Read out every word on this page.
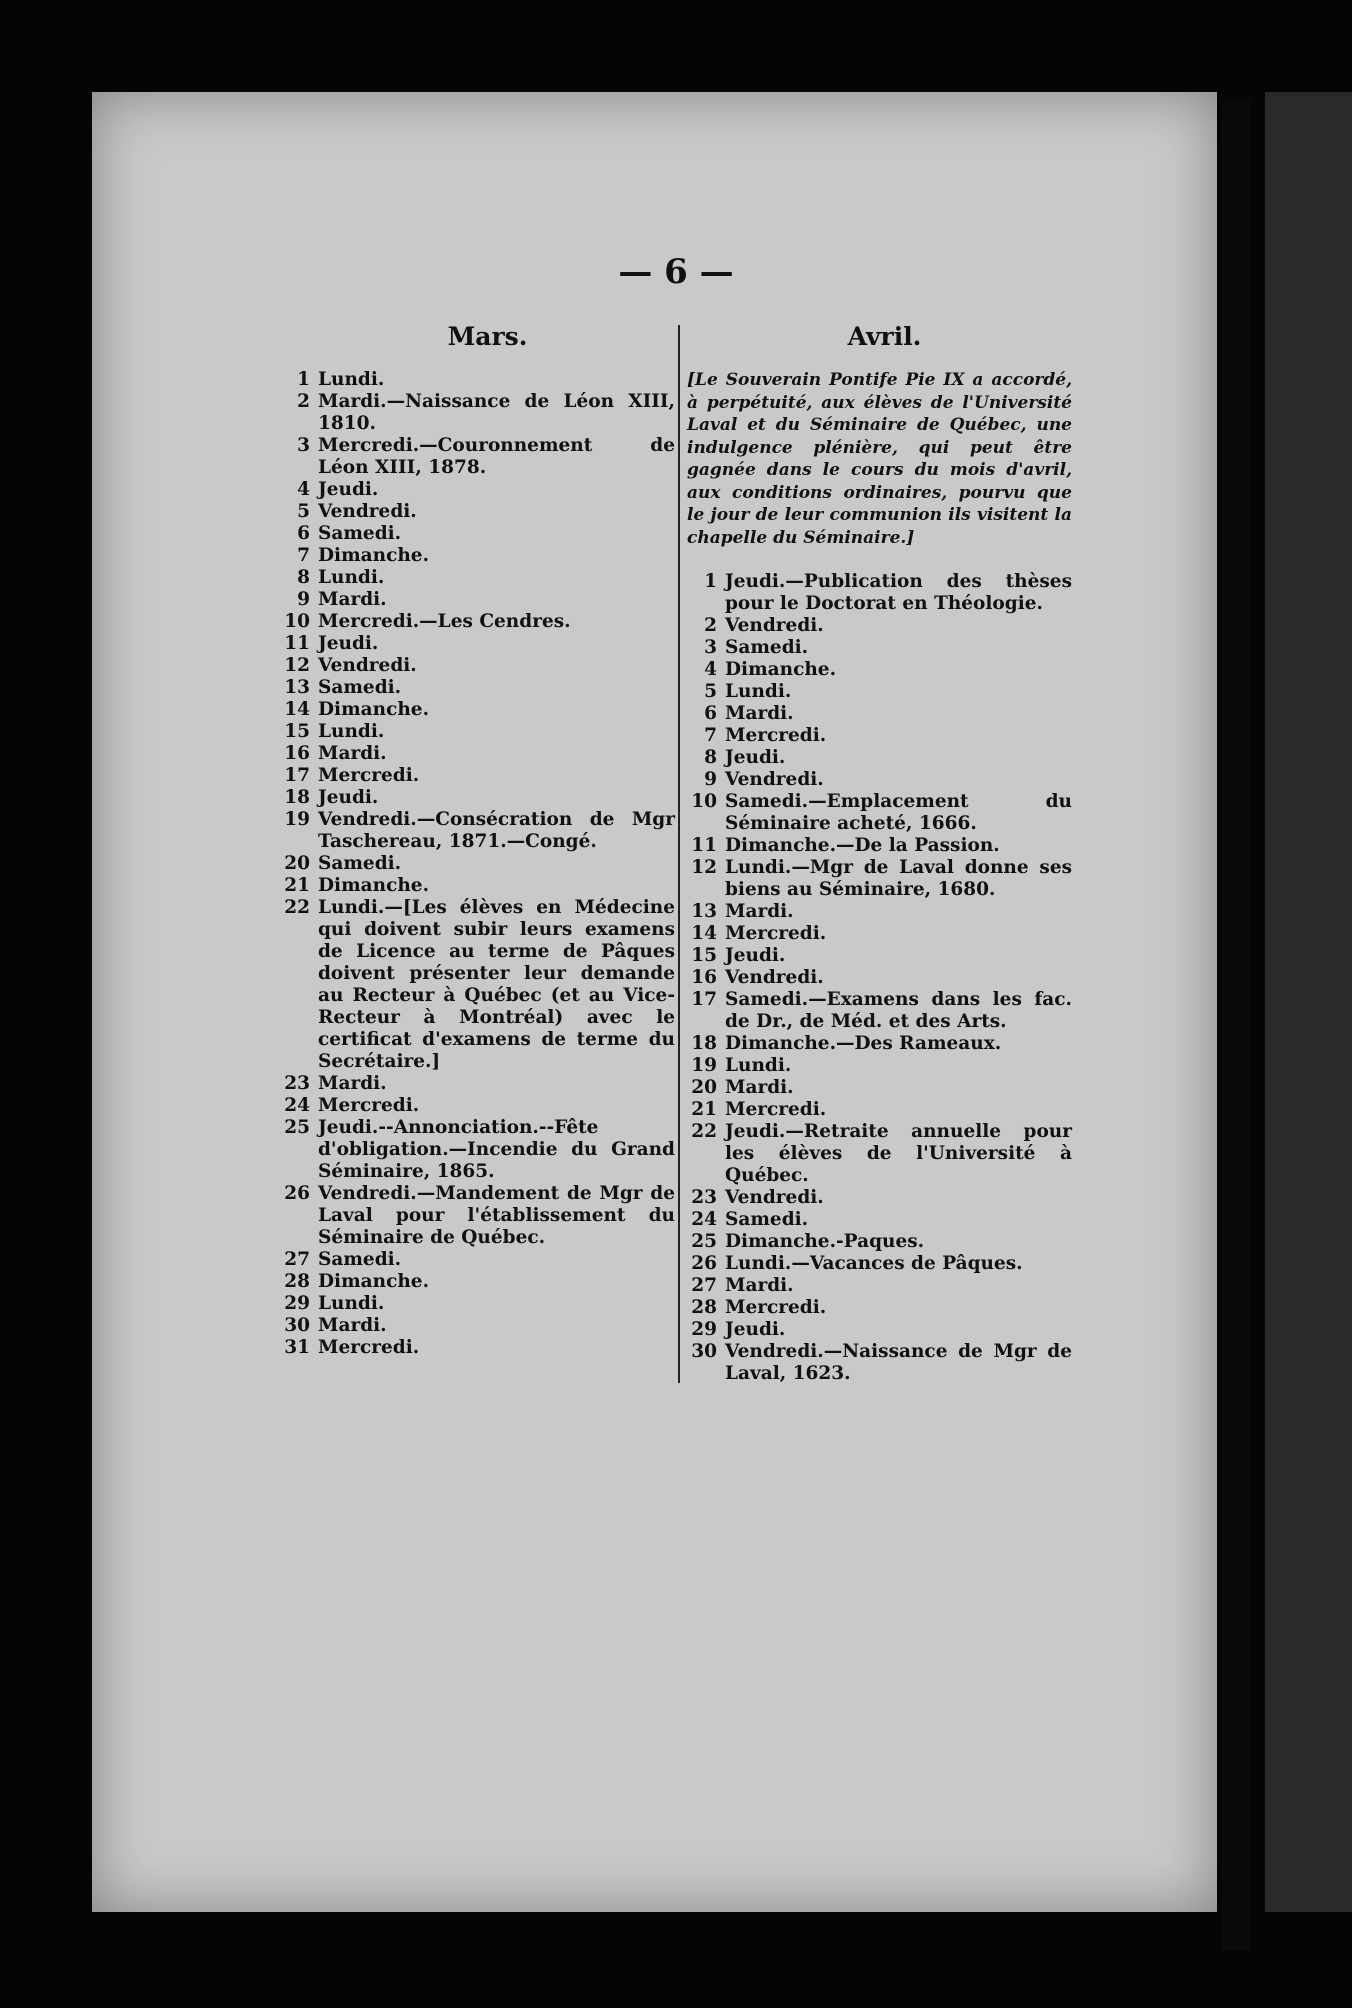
— 6 —
Mars.
1 Lundi.
2 Mardi.—Naissance de Léon XIII, 1810.
3 Mercredi.—Couronnement de Léon XIII, 1878.
4 Jeudi.
5 Vendredi.
6 Samedi.
7 Dimanche.
8 Lundi.
9 Mardi.
10 Mercredi.—Les Cendres.
11 Jeudi.
12 Vendredi.
13 Samedi.
14 Dimanche.
15 Lundi.
16 Mardi.
17 Mercredi.
18 Jeudi.
19 Vendredi.—Consécration de Mgr Taschereau, 1871.—Congé.
20 Samedi.
21 Dimanche.
22 Lundi.—[Les élèves en Médecine qui doivent subir leurs examens de Licence au terme de Pâques doivent présenter leur demande au Recteur à Québec (et au Vice-Recteur à Montréal) avec le certificat d'examens de terme du Secrétaire.]
23 Mardi.
24 Mercredi.
25 Jeudi.--Annonciation.--Fête d'obligation.—Incendie du Grand Séminaire, 1865.
26 Vendredi.—Mandement de Mgr de Laval pour l'établissement du Séminaire de Québec.
27 Samedi.
28 Dimanche.
29 Lundi.
30 Mardi.
31 Mercredi.
Avril.
[Le Souverain Pontife Pie IX a accordé, à perpétuité, aux élèves de l'Université Laval et du Séminaire de Québec, une indulgence plénière, qui peut être gagnée dans le cours du mois d'avril, aux conditions ordinaires, pourvu que le jour de leur communion ils visitent la chapelle du Séminaire.]
1 Jeudi.—Publication des thèses pour le Doctorat en Théologie.
2 Vendredi.
3 Samedi.
4 Dimanche.
5 Lundi.
6 Mardi.
7 Mercredi.
8 Jeudi.
9 Vendredi.
10 Samedi.—Emplacement du Séminaire acheté, 1666.
11 Dimanche.—De la Passion.
12 Lundi.—Mgr de Laval donne ses biens au Séminaire, 1680.
13 Mardi.
14 Mercredi.
15 Jeudi.
16 Vendredi.
17 Samedi.—Examens dans les fac. de Dr., de Méd. et des Arts.
18 Dimanche.—Des Rameaux.
19 Lundi.
20 Mardi.
21 Mercredi.
22 Jeudi.—Retraite annuelle pour les élèves de l'Université à Québec.
23 Vendredi.
24 Samedi.
25 Dimanche.-Paques.
26 Lundi.—Vacances de Pâques.
27 Mardi.
28 Mercredi.
29 Jeudi.
30 Vendredi.—Naissance de Mgr de Laval, 1623.
